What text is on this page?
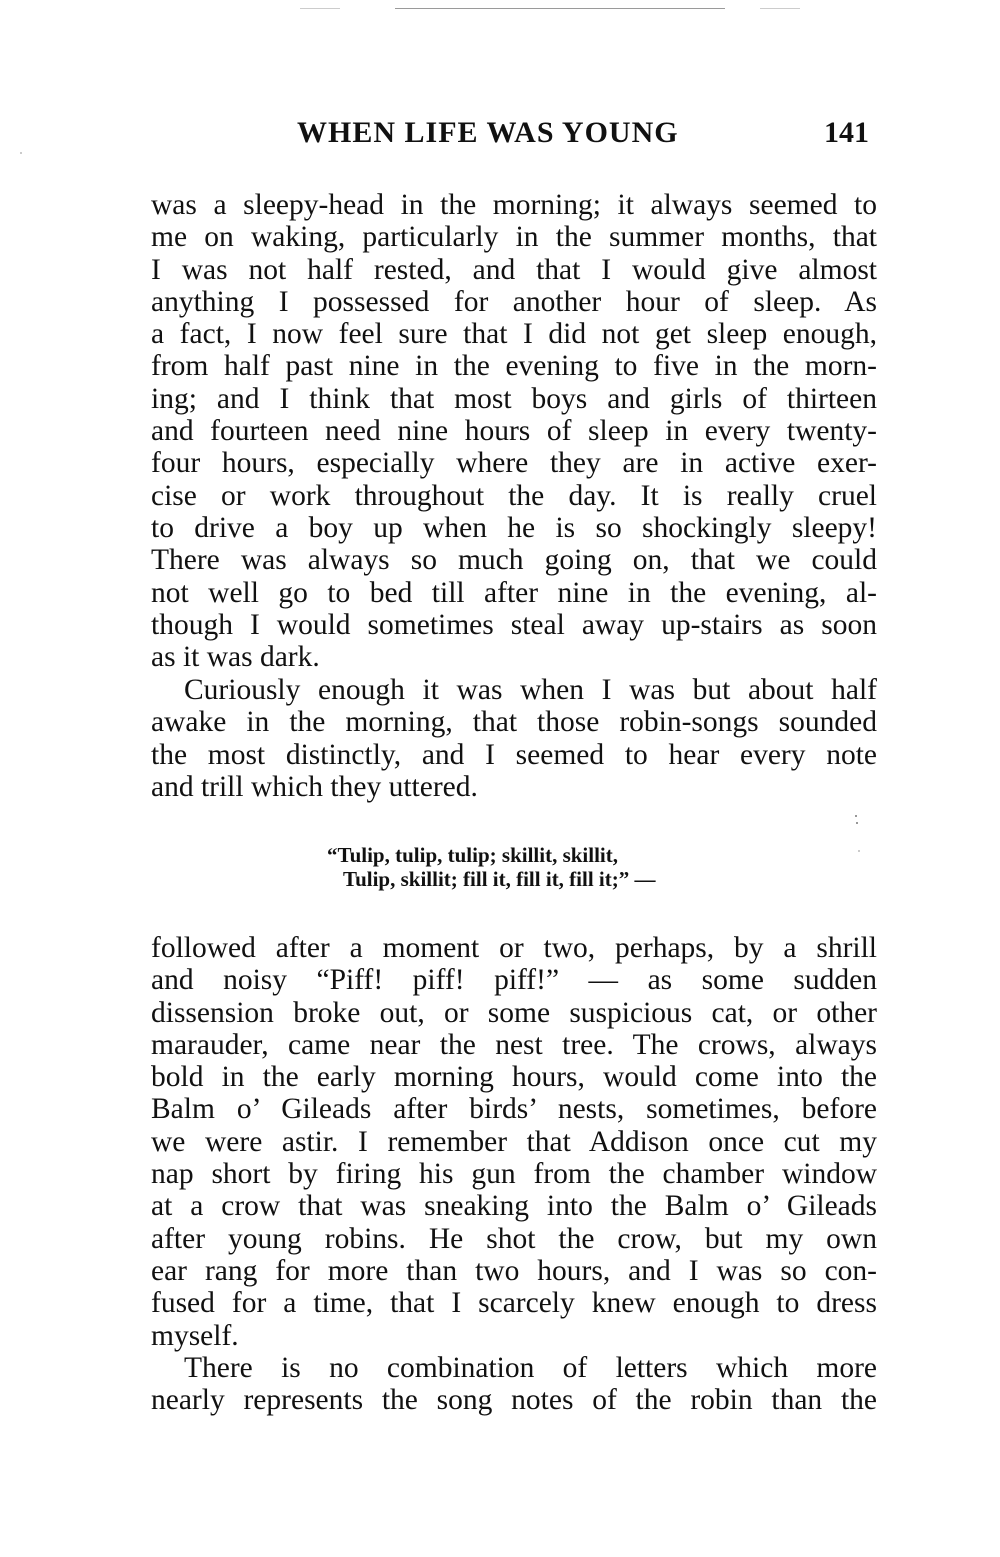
WHEN LIFE WAS YOUNG	141
was a sleepy-head in the morning; it always seemed to
me on waking, particularly in the summer months, that
I was not half rested, and that I would give almost
anything I possessed for another hour of sleep. As
a fact, I now feel sure that I did not get sleep enough,
from half past nine in the evening to five in the morn-
ing; and I think that most boys and girls of thirteen
and fourteen need nine hours of sleep in every twenty-
four hours, especially where they are in active exer-
cise or work throughout the day. It is really cruel
to drive a boy up when he is so shockingly sleepy!
There was always so much going on, that we could
not well go to bed till after nine in the evening, al-
though I would sometimes steal away up-stairs as soon
as it was dark.
Curiously enough it was when I was but about half
awake in the morning, that those robin-songs sounded
the most distinctly, and I seemed to hear every note
and trill which they uttered.
“Tulip, tulip, tulip; skillit, skillit,
Tulip, skillit; fill it, fill it, fill it;” —
followed after a moment or two, perhaps, by a shrill
and noisy “Piff! piff! piff!” — as some sudden
dissension broke out, or some suspicious cat, or other
marauder, came near the nest tree. The crows, always
bold in the early morning hours, would come into the
Balm o’ Gileads after birds’ nests, sometimes, before
we were astir. I remember that Addison once cut my
nap short by firing his gun from the chamber window
at a crow that was sneaking into the Balm o’ Gileads
after young robins. He shot the crow, but my own
ear rang for more than two hours, and I was so con-
fused for a time, that I scarcely knew enough to dress
myself.
There is no combination of letters which more
nearly represents the song notes of the robin than the
